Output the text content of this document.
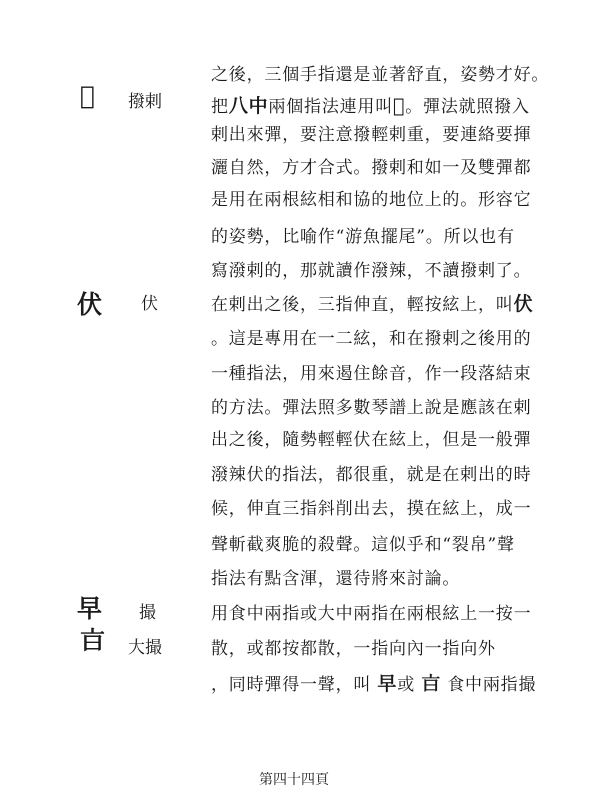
𫋉 撥剌
之後，三個手指還是並著舒直，姿勢才好。
把八中兩個指法連用叫𫋉。彈法就照撥入
剌出來彈，要注意撥輕剌重，要連絡要揮
灑自然，方才合式。撥剌和如一及雙彈都
是用在兩根絃相和協的地位上的。形容它
的姿勢，比喻作“游魚擺尾”。所以也有
寫潑剌的，那就讀作潑辣，不讀撥剌了。
伏 伏	在剌出之後，三指伸直，輕按絃上，叫伏
。這是專用在一二絃，和在撥剌之後用的
一種指法，用來遏住餘音，作一段落結束
的方法。彈法照多數琴譜上說是應該在剌
出之後，隨勢輕輕伏在絃上，但是一般彈
潑辣伏的指法，都很重，就是在剌出的時
候，伸直三指斜削出去，摸在絃上，成一
聲斬截爽脆的殺聲。這似乎和“裂帛”聲
指法有點含渾，還待將來討論。
早
𣅀
撮
大撮
用食中兩指或大中兩指在兩根絃上一按一
散，或都按都散，一指向內一指向外
，同時彈得一聲，叫 早或 𣅀 食中兩指撮
第四十四頁
